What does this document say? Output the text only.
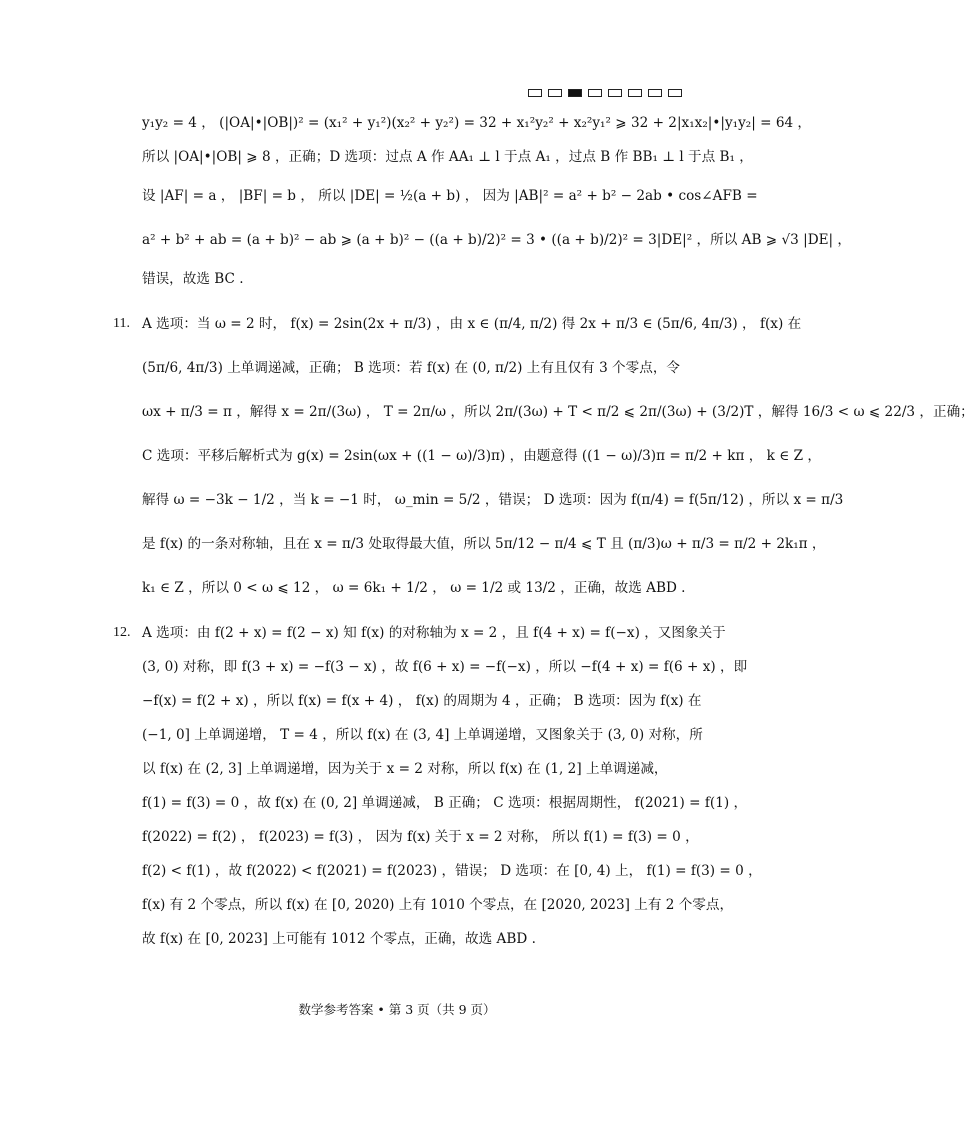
y₁y₂ = 4 ， (|OA|•|OB|)² = (x₁² + y₁²)(x₂² + y₂²) = 32 + x₁²y₂² + x₂²y₁² ⩾ 32 + 2|x₁x₂|•|y₁y₂| = 64 ，
所以 |OA|•|OB| ⩾ 8 ，正确；D 选项：过点 A 作 AA₁ ⊥ l 于点 A₁ ，过点 B 作 BB₁ ⊥ l 于点 B₁ ，
设 |AF| = a ， |BF| = b ， 所以 |DE| = ½(a + b) ， 因为 |AB|² = a² + b² − 2ab • cos∠AFB =
a² + b² + ab = (a + b)² − ab ⩾ (a + b)² − ((a + b)/2)² = 3 • ((a + b)/2)² = 3|DE|² ，所以 AB ⩾ √3 |DE| ，
错误，故选 BC .
11. A 选项：当 ω = 2 时， f(x) = 2sin(2x + π/3) ，由 x ∈ (π/4, π/2) 得 2x + π/3 ∈ (5π/6, 4π/3) ， f(x) 在
(5π/6, 4π/3) 上单调递减，正确； B 选项：若 f(x) 在 (0, π/2) 上有且仅有 3 个零点，令
ωx + π/3 = π ，解得 x = 2π/(3ω) ， T = 2π/ω ，所以 2π/(3ω) + T < π/2 ⩽ 2π/(3ω) + (3/2)T ，解得 16/3 < ω ⩽ 22/3 ，正确；
C 选项：平移后解析式为 g(x) = 2sin(ωx + ((1 − ω)/3)π) ，由题意得 ((1 − ω)/3)π = π/2 + kπ ， k ∈ Z ，
解得 ω = −3k − 1/2 ，当 k = −1 时， ω_min = 5/2 ，错误； D 选项：因为 f(π/4) = f(5π/12) ，所以 x = π/3
是 f(x) 的一条对称轴，且在 x = π/3 处取得最大值，所以 5π/12 − π/4 ⩽ T 且 (π/3)ω + π/3 = π/2 + 2k₁π ，
k₁ ∈ Z ，所以 0 < ω ⩽ 12 ， ω = 6k₁ + 1/2 ， ω = 1/2 或 13/2 ，正确，故选 ABD .
12. A 选项：由 f(2 + x) = f(2 − x) 知 f(x) 的对称轴为 x = 2 ，且 f(4 + x) = f(−x) ，又图象关于
(3, 0) 对称，即 f(3 + x) = −f(3 − x) ，故 f(6 + x) = −f(−x) ，所以 −f(4 + x) = f(6 + x) ，即
−f(x) = f(2 + x) ，所以 f(x) = f(x + 4) ， f(x) 的周期为 4 ，正确； B 选项：因为 f(x) 在
(−1, 0] 上单调递增， T = 4 ，所以 f(x) 在 (3, 4] 上单调递增，又图象关于 (3, 0) 对称，所
以 f(x) 在 (2, 3] 上单调递增，因为关于 x = 2 对称，所以 f(x) 在 (1, 2] 上单调递减，
f(1) = f(3) = 0 ，故 f(x) 在 (0, 2] 单调递减， B 正确； C 选项：根据周期性， f(2021) = f(1) ，
f(2022) = f(2) ， f(2023) = f(3) ， 因为 f(x) 关于 x = 2 对称， 所以 f(1) = f(3) = 0 ，
f(2) < f(1) ，故 f(2022) < f(2021) = f(2023) ，错误； D 选项：在 [0, 4) 上， f(1) = f(3) = 0 ，
f(x) 有 2 个零点，所以 f(x) 在 [0, 2020) 上有 1010 个零点，在 [2020, 2023] 上有 2 个零点，
故 f(x) 在 [0, 2023] 上可能有 1012 个零点，正确，故选 ABD .
数学参考答案 • 第 3 页（共 9 页）
